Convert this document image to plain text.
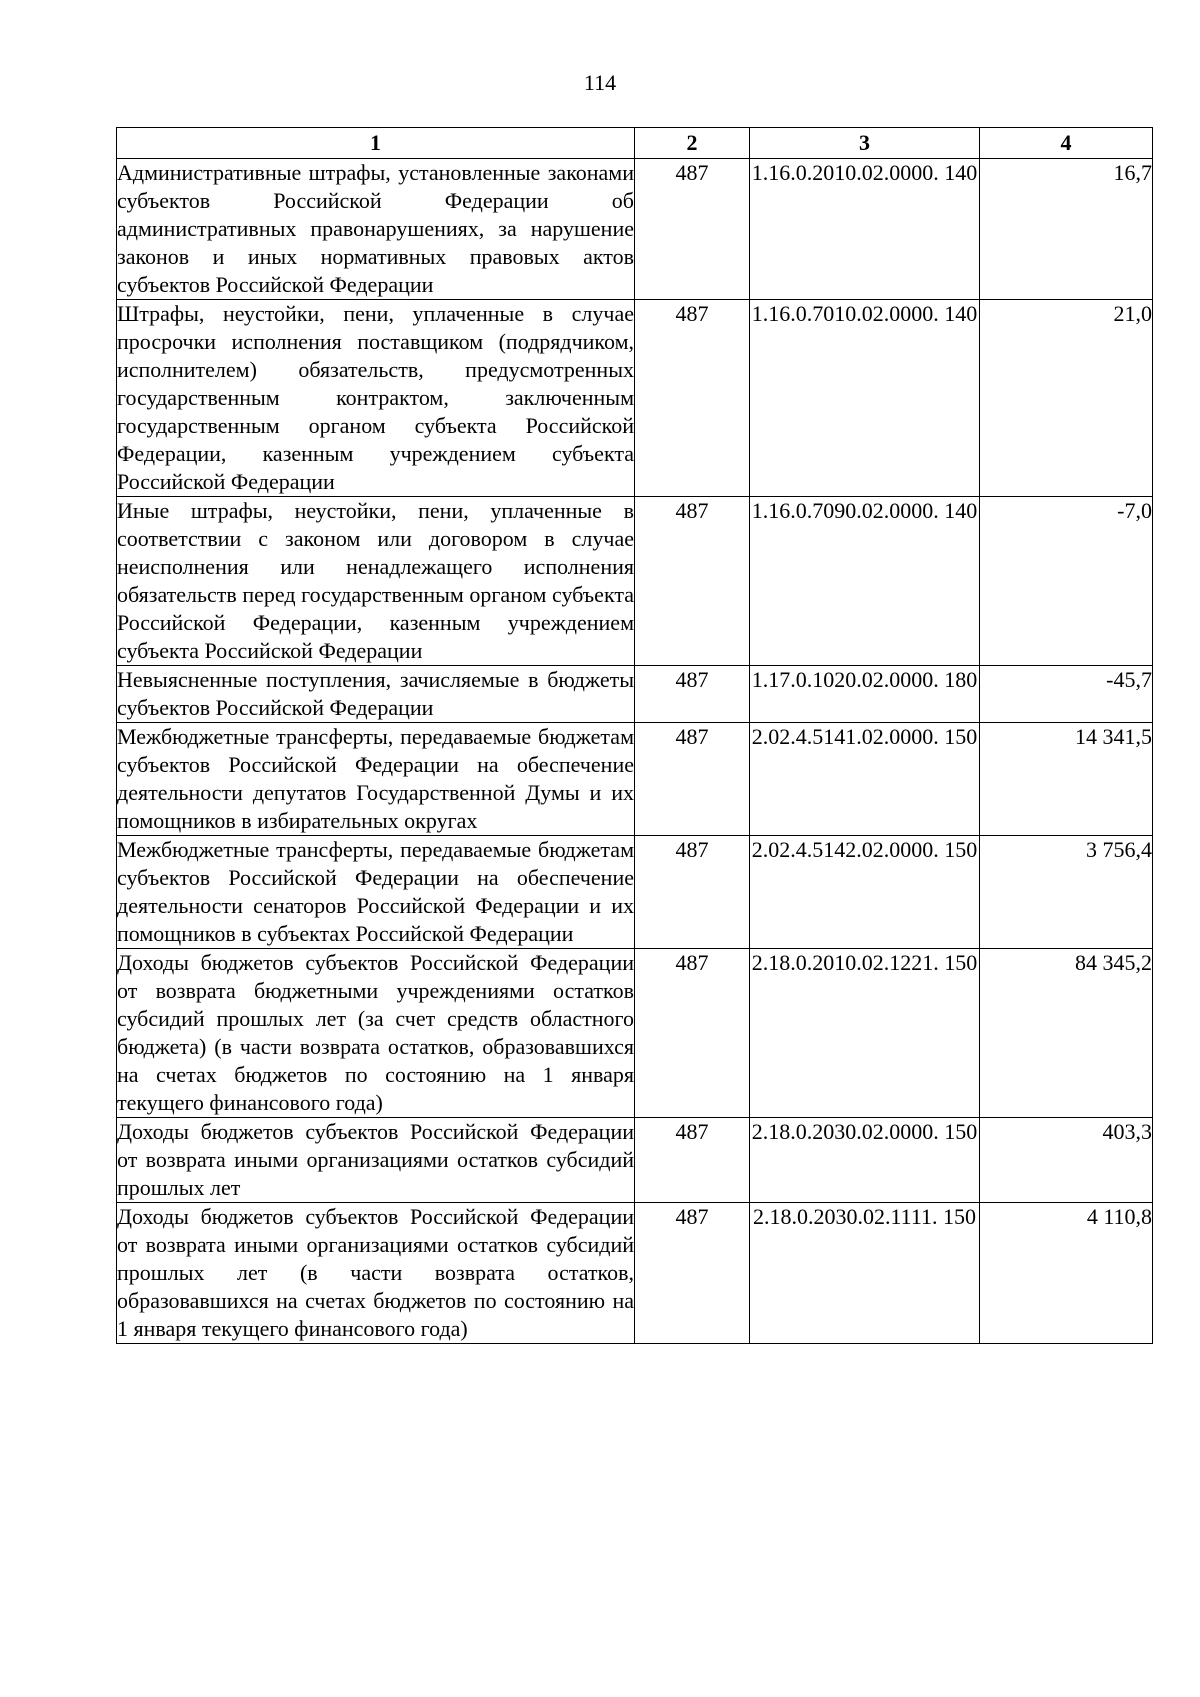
114
1	2	3	4
Административные штрафы, установленные законами субъектов Российской Федерации об административных правонарушениях, за нарушение законов и иных нормативных правовых актов субъектов Российской Федерации	487	1.16.0.2010.02.0000. 140	16,7
Штрафы, неустойки, пени, уплаченные в случае просрочки исполнения поставщиком (подрядчиком, исполнителем) обязательств, предусмотренных государственным контрактом, заключенным государственным органом субъекта Российской Федерации, казенным учреждением субъекта Российской Федерации	487	1.16.0.7010.02.0000. 140	21,0
Иные штрафы, неустойки, пени, уплаченные в соответствии с законом или договором в случае неисполнения или ненадлежащего исполнения обязательств перед государственным органом субъекта Российской Федерации, казенным учреждением субъекта Российской Федерации	487	1.16.0.7090.02.0000. 140	-7,0
Невыясненные поступления, зачисляемые в бюджеты субъектов Российской Федерации	487	1.17.0.1020.02.0000. 180	-45,7
Межбюджетные трансферты, передаваемые бюджетам субъектов Российской Федерации на обеспечение деятельности депутатов Государственной Думы и их помощников в избирательных округах	487	2.02.4.5141.02.0000. 150	14 341,5
Межбюджетные трансферты, передаваемые бюджетам субъектов Российской Федерации на обеспечение деятельности сенаторов Российской Федерации и их помощников в субъектах Российской Федерации	487	2.02.4.5142.02.0000. 150	3 756,4
Доходы бюджетов субъектов Российской Федерации от возврата бюджетными учреждениями остатков субсидий прошлых лет (за счет средств областного бюджета) (в части возврата остатков, образовавшихся на счетах бюджетов по состоянию на 1 января текущего финансового года)	487	2.18.0.2010.02.1221. 150	84 345,2
Доходы бюджетов субъектов Российской Федерации от возврата иными организациями остатков субсидий прошлых лет	487	2.18.0.2030.02.0000. 150	403,3
Доходы бюджетов субъектов Российской Федерации от возврата иными организациями остатков субсидий прошлых лет (в части возврата остатков, образовавшихся на счетах бюджетов по состоянию на 1 января текущего финансового года)	487	2.18.0.2030.02.1111. 150	4 110,8
